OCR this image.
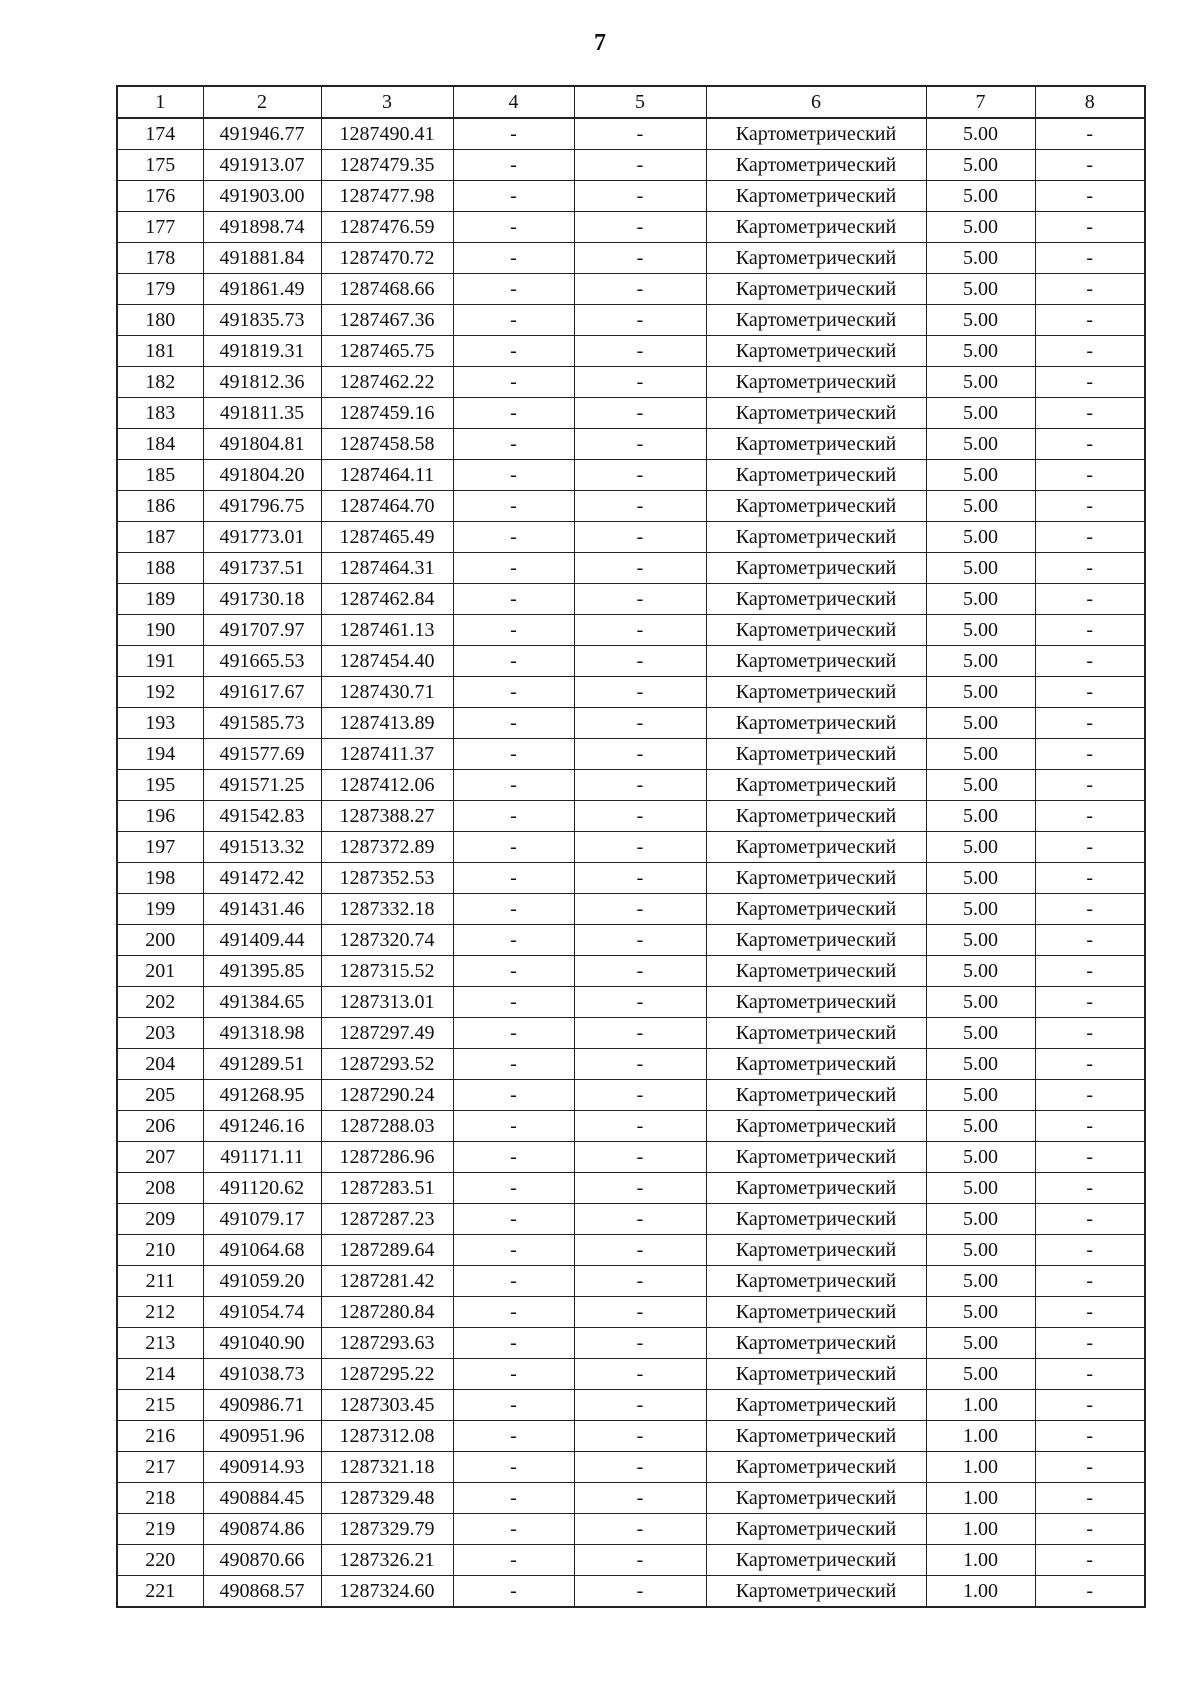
7
1	2	3	4	5	6	7	8
174	491946.77	1287490.41	-	-	Картометрический	5.00	-
175	491913.07	1287479.35	-	-	Картометрический	5.00	-
176	491903.00	1287477.98	-	-	Картометрический	5.00	-
177	491898.74	1287476.59	-	-	Картометрический	5.00	-
178	491881.84	1287470.72	-	-	Картометрический	5.00	-
179	491861.49	1287468.66	-	-	Картометрический	5.00	-
180	491835.73	1287467.36	-	-	Картометрический	5.00	-
181	491819.31	1287465.75	-	-	Картометрический	5.00	-
182	491812.36	1287462.22	-	-	Картометрический	5.00	-
183	491811.35	1287459.16	-	-	Картометрический	5.00	-
184	491804.81	1287458.58	-	-	Картометрический	5.00	-
185	491804.20	1287464.11	-	-	Картометрический	5.00	-
186	491796.75	1287464.70	-	-	Картометрический	5.00	-
187	491773.01	1287465.49	-	-	Картометрический	5.00	-
188	491737.51	1287464.31	-	-	Картометрический	5.00	-
189	491730.18	1287462.84	-	-	Картометрический	5.00	-
190	491707.97	1287461.13	-	-	Картометрический	5.00	-
191	491665.53	1287454.40	-	-	Картометрический	5.00	-
192	491617.67	1287430.71	-	-	Картометрический	5.00	-
193	491585.73	1287413.89	-	-	Картометрический	5.00	-
194	491577.69	1287411.37	-	-	Картометрический	5.00	-
195	491571.25	1287412.06	-	-	Картометрический	5.00	-
196	491542.83	1287388.27	-	-	Картометрический	5.00	-
197	491513.32	1287372.89	-	-	Картометрический	5.00	-
198	491472.42	1287352.53	-	-	Картометрический	5.00	-
199	491431.46	1287332.18	-	-	Картометрический	5.00	-
200	491409.44	1287320.74	-	-	Картометрический	5.00	-
201	491395.85	1287315.52	-	-	Картометрический	5.00	-
202	491384.65	1287313.01	-	-	Картометрический	5.00	-
203	491318.98	1287297.49	-	-	Картометрический	5.00	-
204	491289.51	1287293.52	-	-	Картометрический	5.00	-
205	491268.95	1287290.24	-	-	Картометрический	5.00	-
206	491246.16	1287288.03	-	-	Картометрический	5.00	-
207	491171.11	1287286.96	-	-	Картометрический	5.00	-
208	491120.62	1287283.51	-	-	Картометрический	5.00	-
209	491079.17	1287287.23	-	-	Картометрический	5.00	-
210	491064.68	1287289.64	-	-	Картометрический	5.00	-
211	491059.20	1287281.42	-	-	Картометрический	5.00	-
212	491054.74	1287280.84	-	-	Картометрический	5.00	-
213	491040.90	1287293.63	-	-	Картометрический	5.00	-
214	491038.73	1287295.22	-	-	Картометрический	5.00	-
215	490986.71	1287303.45	-	-	Картометрический	1.00	-
216	490951.96	1287312.08	-	-	Картометрический	1.00	-
217	490914.93	1287321.18	-	-	Картометрический	1.00	-
218	490884.45	1287329.48	-	-	Картометрический	1.00	-
219	490874.86	1287329.79	-	-	Картометрический	1.00	-
220	490870.66	1287326.21	-	-	Картометрический	1.00	-
221	490868.57	1287324.60	-	-	Картометрический	1.00	-
